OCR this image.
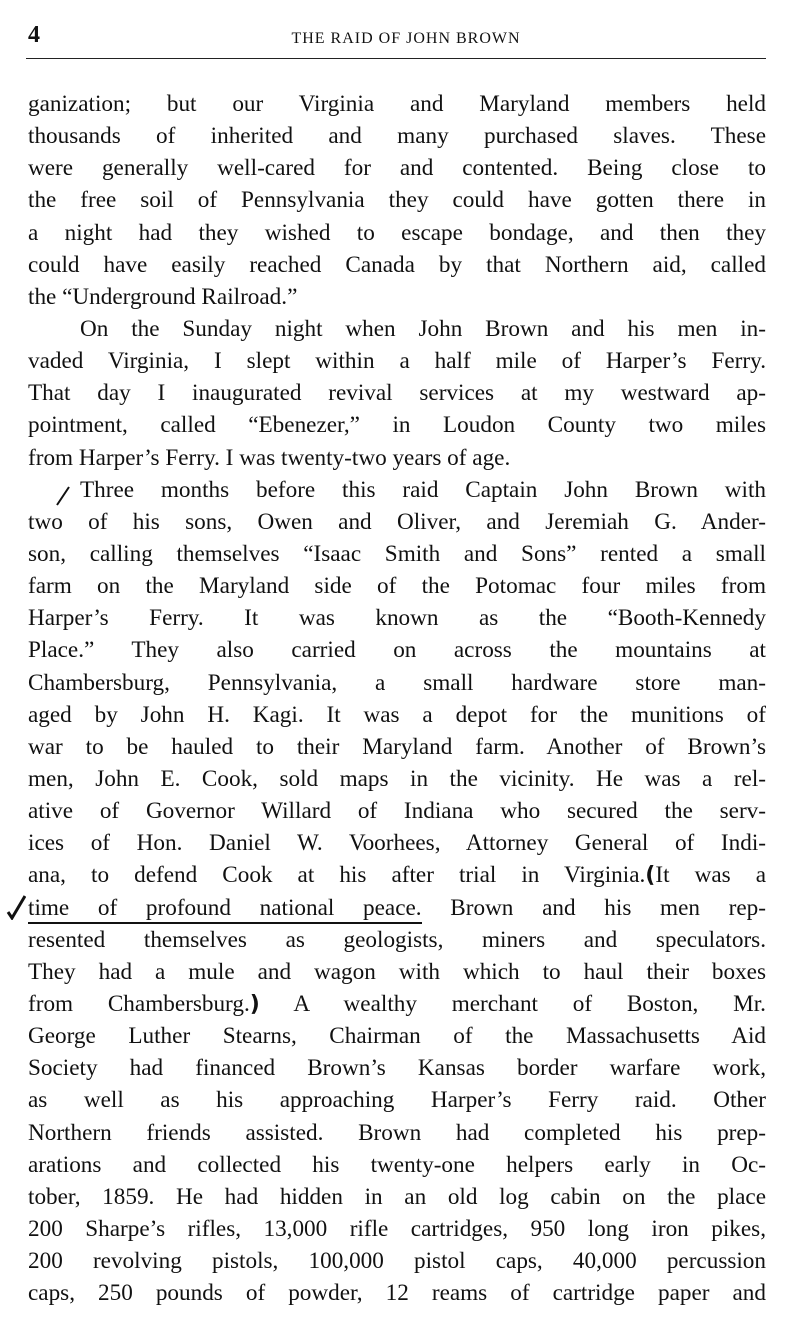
4	THE RAID OF JOHN BROWN
ganization; but our Virginia and Maryland members held
thousands of inherited and many purchased slaves. These
were generally well-cared for and contented. Being close to
the free soil of Pennsylvania they could have gotten there in
a night had they wished to escape bondage, and then they
could have easily reached Canada by that Northern aid, called
the “Underground Railroad.”
On the Sunday night when John Brown and his men in-
vaded Virginia, I slept within a half mile of Harper’s Ferry.
That day I inaugurated revival services at my westward ap-
pointment, called “Ebenezer,” in Loudon County two miles
from Harper’s Ferry. I was twenty-two years of age.
Three months before this raid Captain John Brown with
two of his sons, Owen and Oliver, and Jeremiah G. Ander-
son, calling themselves “Isaac Smith and Sons” rented a small
farm on the Maryland side of the Potomac four miles from
Harper’s Ferry. It was known as the “Booth-Kennedy
Place.” They also carried on across the mountains at
Chambersburg, Pennsylvania, a small hardware store man-
aged by John H. Kagi. It was a depot for the munitions of
war to be hauled to their Maryland farm. Another of Brown’s
men, John E. Cook, sold maps in the vicinity. He was a rel-
ative of Governor Willard of Indiana who secured the serv-
ices of Hon. Daniel W. Voorhees, Attorney General of Indi-
ana, to defend Cook at his after trial in Virginia.(It was a
time of profound national peace. Brown and his men rep-
resented themselves as geologists, miners and speculators.
They had a mule and wagon with which to haul their boxes
from Chambersburg.) A wealthy merchant of Boston, Mr.
George Luther Stearns, Chairman of the Massachusetts Aid
Society had financed Brown’s Kansas border warfare work,
as well as his approaching Harper’s Ferry raid. Other
Northern friends assisted. Brown had completed his prep-
arations and collected his twenty-one helpers early in Oc-
tober, 1859. He had hidden in an old log cabin on the place
200 Sharpe’s rifles, 13,000 rifle cartridges, 950 long iron pikes,
200 revolving pistols, 100,000 pistol caps, 40,000 percussion
caps, 250 pounds of powder, 12 reams of cartridge paper and
